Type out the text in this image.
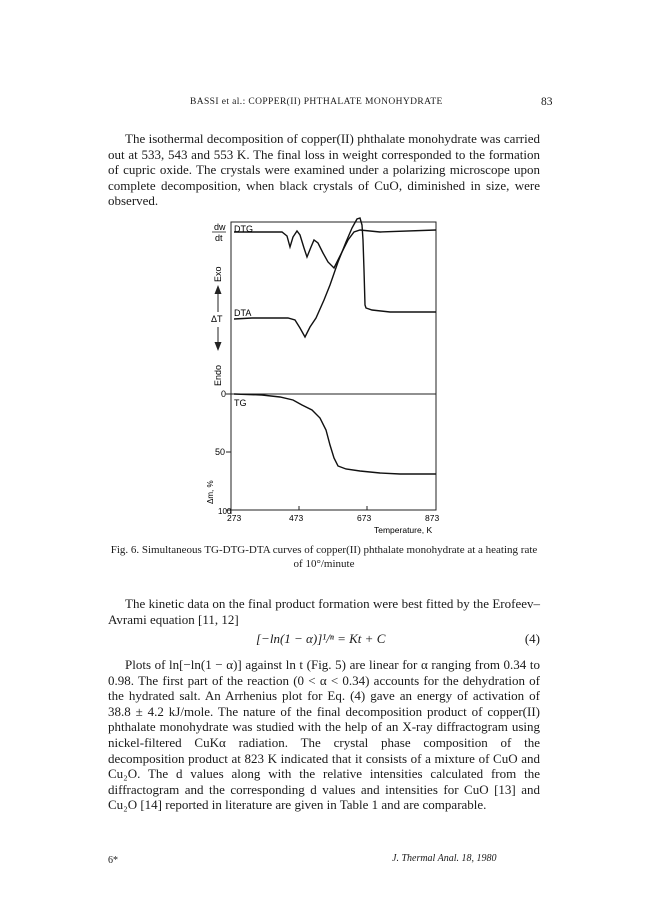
BASSI et al.: COPPER(II) PHTHALATE MONOHYDRATE	83

The isothermal decomposition of copper(II) phthalate monohydrate was carried out at 533, 543 and 553 K. The final loss in weight corresponded to the formation of cupric oxide. The crystals were examined under a polarizing microscope upon complete decomposition, when black crystals of CuO, diminished in size, were observed.

DTG
DTA
TG
dw
dt
Exo
ΔT
Endo
0
50
100
Δm, %
273	473	673	873
Temperature, K
Fig. 6. Simultaneous TG-DTG-DTA curves of copper(II) phthalate monohydrate at a heating rate of 10°/minute

The kinetic data on the final product formation were best fitted by the Erofeev–Avrami equation [11, 12]

[−ln(1 − α)]¹/ⁿ = Kt + C	(4)

Plots of ln[−ln(1 − α)] against ln t (Fig. 5) are linear for α ranging from 0.34 to 0.98. The first part of the reaction (0 < α < 0.34) accounts for the dehydration of the hydrated salt. An Arrhenius plot for Eq. (4) gave an energy of activation of 38.8 ± 4.2 kJ/mole. The nature of the final decomposition product of copper(II) phthalate monohydrate was studied with the help of an X-ray diffractogram using nickel-filtered CuKα radiation. The crystal phase composition of the decomposition product at 823 K indicated that it consists of a mixture of CuO and Cu₂O. The d values along with the relative intensities calculated from the diffractogram and the corresponding d values and intensities for CuO [13] and Cu₂O [14] reported in literature are given in Table 1 and are comparable.

6*	J. Thermal Anal. 18, 1980
